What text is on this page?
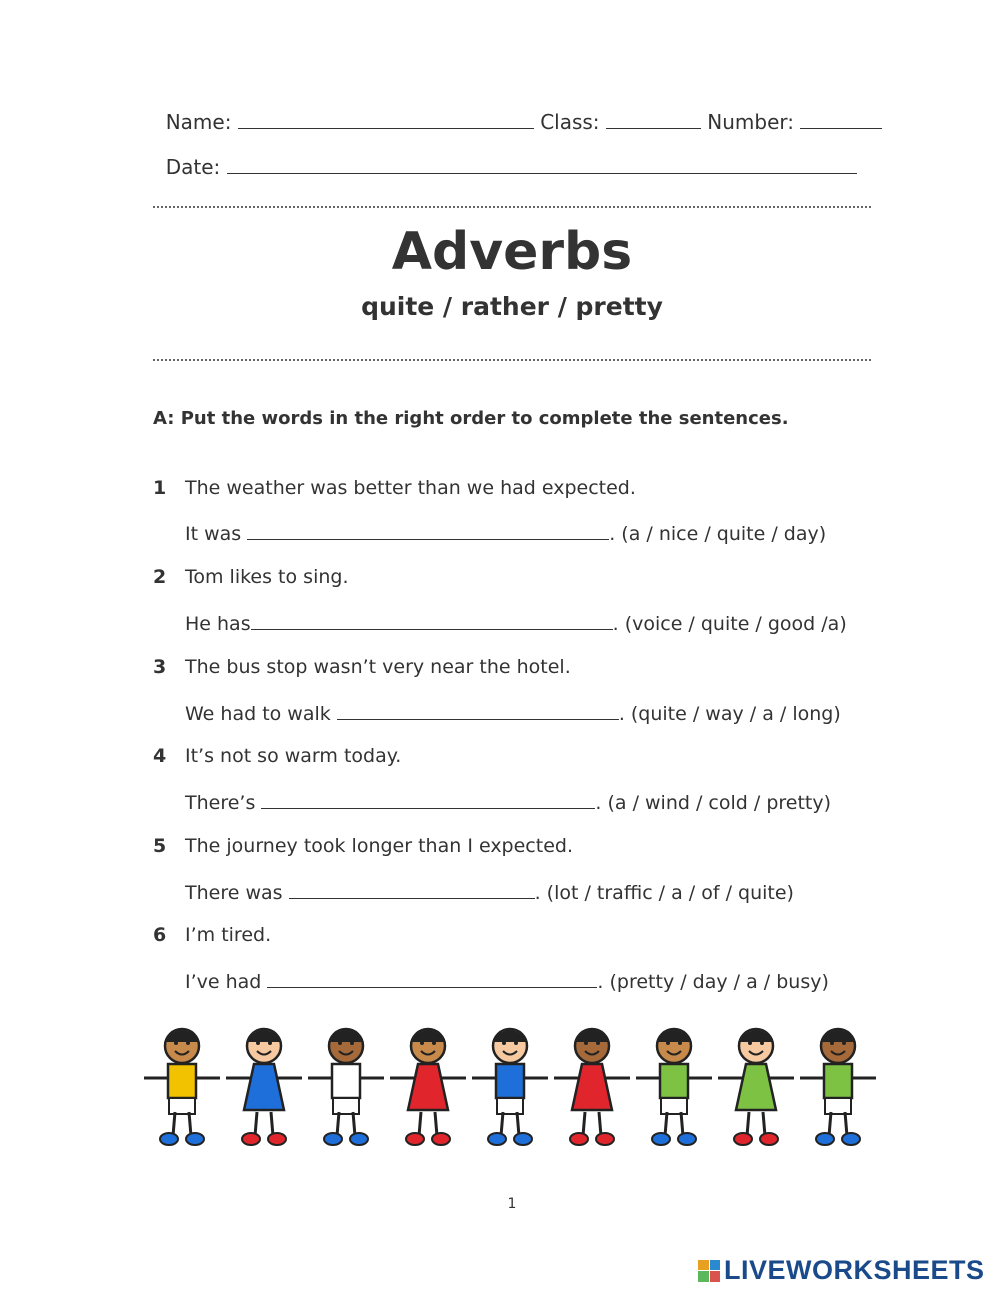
Name:	Class:	Number:

Date:

Adverbs
quite / rather / pretty
A: Put the words in the right order to complete the sentences.
1 The weather was better than we had expected.
It was	. (a / nice / quite / day)
2 Tom likes to sing.
He has	. (voice / quite / good /a)
3 The bus stop wasn’t very near the hotel.
We had to walk	. (quite / way / a / long)
4 It’s not so warm today.
There’s	. (a / wind / cold / pretty)
5 The journey took longer than I expected.
There was	. (lot / traffic / a / of / quite)
6 I’m tired.
I’ve had	. (pretty / day / a / busy)
1
LIVEWORKSHEETS
